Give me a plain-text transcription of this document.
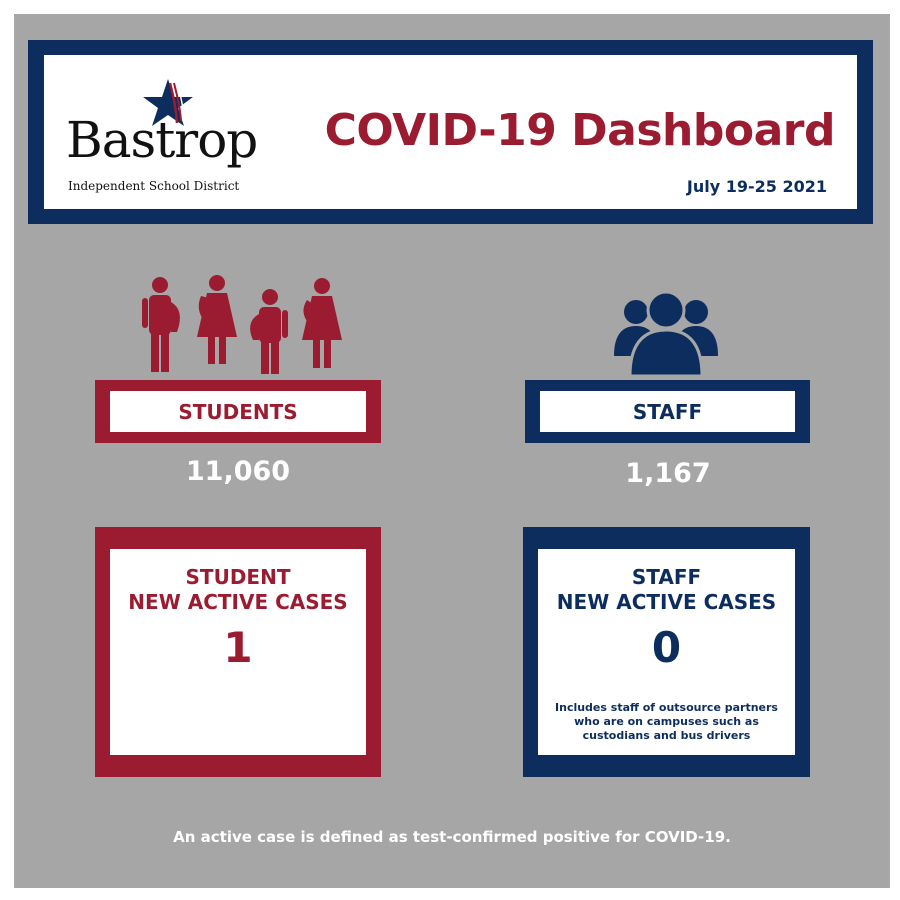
Bastrop
Independent School District
COVID-19 Dashboard
July 19-25 2021
STUDENTS	STAFF
11,060	1,167
STUDENT
NEW ACTIVE CASES
1
STAFF
NEW ACTIVE CASES
0
Includes staff of outsource partners who are on campuses such as custodians and bus drivers
An active case is defined as test-confirmed positive for COVID-19.
